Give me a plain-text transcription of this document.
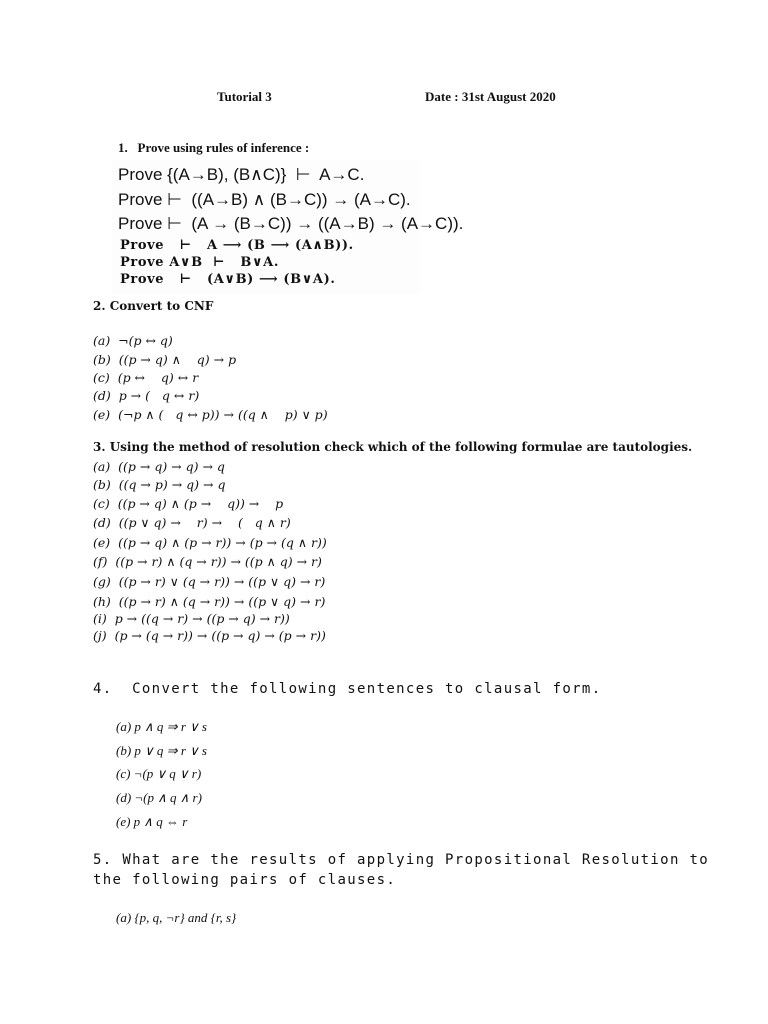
Tutorial 3	Date : 31st August 2020
1.   Prove using rules of inference :
Prove {(A→B), (B∧C)}  ⊢  A→C.
Prove ⊢  ((A→B) ∧ (B→C)) → (A→C).
Prove ⊢  (A → (B→C)) → ((A→B) → (A→C)).
Prove   ⊢   A ⟶ (B ⟶ (A∧B)).
Prove A∨B  ⊢   B∨A.
Prove   ⊢   (A∨B) ⟶ (B∨A).
2. Convert to CNF
(a)  ¬(p ↔ q)
(b)  ((p → q) ∧    q) → p
(c)  (p ↔    q) ↔ r
(d)  p → (   q ↔ r)
(e)  (¬p ∧ (   q ↔ p)) → ((q ∧    p) ∨ p)
3. Using the method of resolution check which of the following formulae are tautologies.
(a)  ((p → q) → q) → q
(b)  ((q → p) → q) → q
(c)  ((p → q) ∧ (p →    q)) →    p
(d)  ((p ∨ q) →    r) →    (   q ∧ r)
(e)  ((p → q) ∧ (p → r)) → (p → (q ∧ r))
(f)  ((p → r) ∧ (q → r)) → ((p ∧ q) → r)
(g)  ((p → r) ∨ (q → r)) → ((p ∨ q) → r)
(h)  ((p → r) ∧ (q → r)) → ((p ∨ q) → r)
(i)  p → ((q → r) → ((p → q) → r))
(j)  (p → (q → r)) → ((p → q) → (p → r))
4.  Convert the following sentences to clausal form.
(a) p ∧ q ⇒ r ∨ s
(b) p ∨ q ⇒ r ∨ s
(c) ¬(p ∨ q ∨ r)
(d) ¬(p ∧ q ∧ r)
(e) p ∧ q ⇔ r
5. What are the results of applying Propositional Resolution to
the following pairs of clauses.
(a) {p, q, ¬r} and {r, s}
